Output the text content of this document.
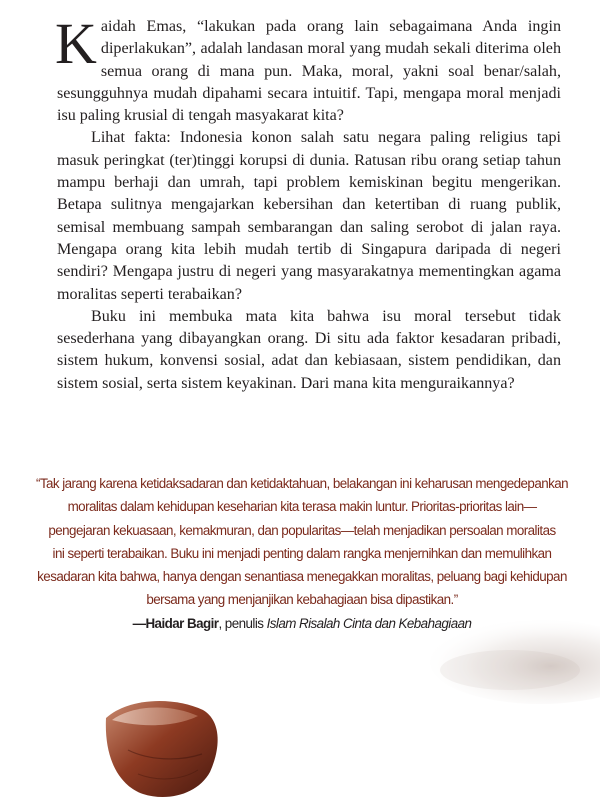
Kaidah Emas, “lakukan pada orang lain sebagaimana Anda ingin diperlakukan”, adalah landasan moral yang mudah sekali diterima oleh semua orang di mana pun. Maka, moral, yakni soal benar/salah, sesungguhnya mudah dipahami secara intuitif. Tapi, mengapa moral menjadi isu paling krusial di tengah masyakarat kita?

Lihat fakta: Indonesia konon salah satu negara paling religius tapi masuk peringkat (ter)tinggi korupsi di dunia. Ratusan ribu orang setiap tahun mampu berhaji dan umrah, tapi problem kemiskinan begitu mengerikan. Betapa sulitnya mengajarkan kebersihan dan ketertiban di ruang publik, semisal membuang sampah sembarangan dan saling serobot di jalan raya. Mengapa orang kita lebih mudah tertib di Singapura daripada di negeri sendiri? Mengapa justru di negeri yang masyarakatnya mementingkan agama moralitas seperti terabaikan?

Buku ini membuka mata kita bahwa isu moral tersebut tidak sesederhana yang dibayangkan orang. Di situ ada faktor kesadaran pribadi, sistem hukum, konvensi sosial, adat dan kebiasaan, sistem pendidikan, dan sistem sosial, serta sistem keyakinan. Dari mana kita menguraikannya?

“Tak jarang karena ketidaksadaran dan ketidaktahuan, belakangan ini keharusan mengedepankan
moralitas dalam kehidupan keseharian kita terasa makin luntur. Prioritas-prioritas lain—
pengejaran kekuasaan, kemakmuran, dan popularitas—telah menjadikan persoalan moralitas
ini seperti terabaikan. Buku ini menjadi penting dalam rangka menjernihkan dan memulihkan
kesadaran kita bahwa, hanya dengan senantiasa menegakkan moralitas, peluang bagi kehidupan
bersama yang menjanjikan kebahagiaan bisa dipastikan.”
—Haidar Bagir, penulis Islam Risalah Cinta dan Kebahagiaan
